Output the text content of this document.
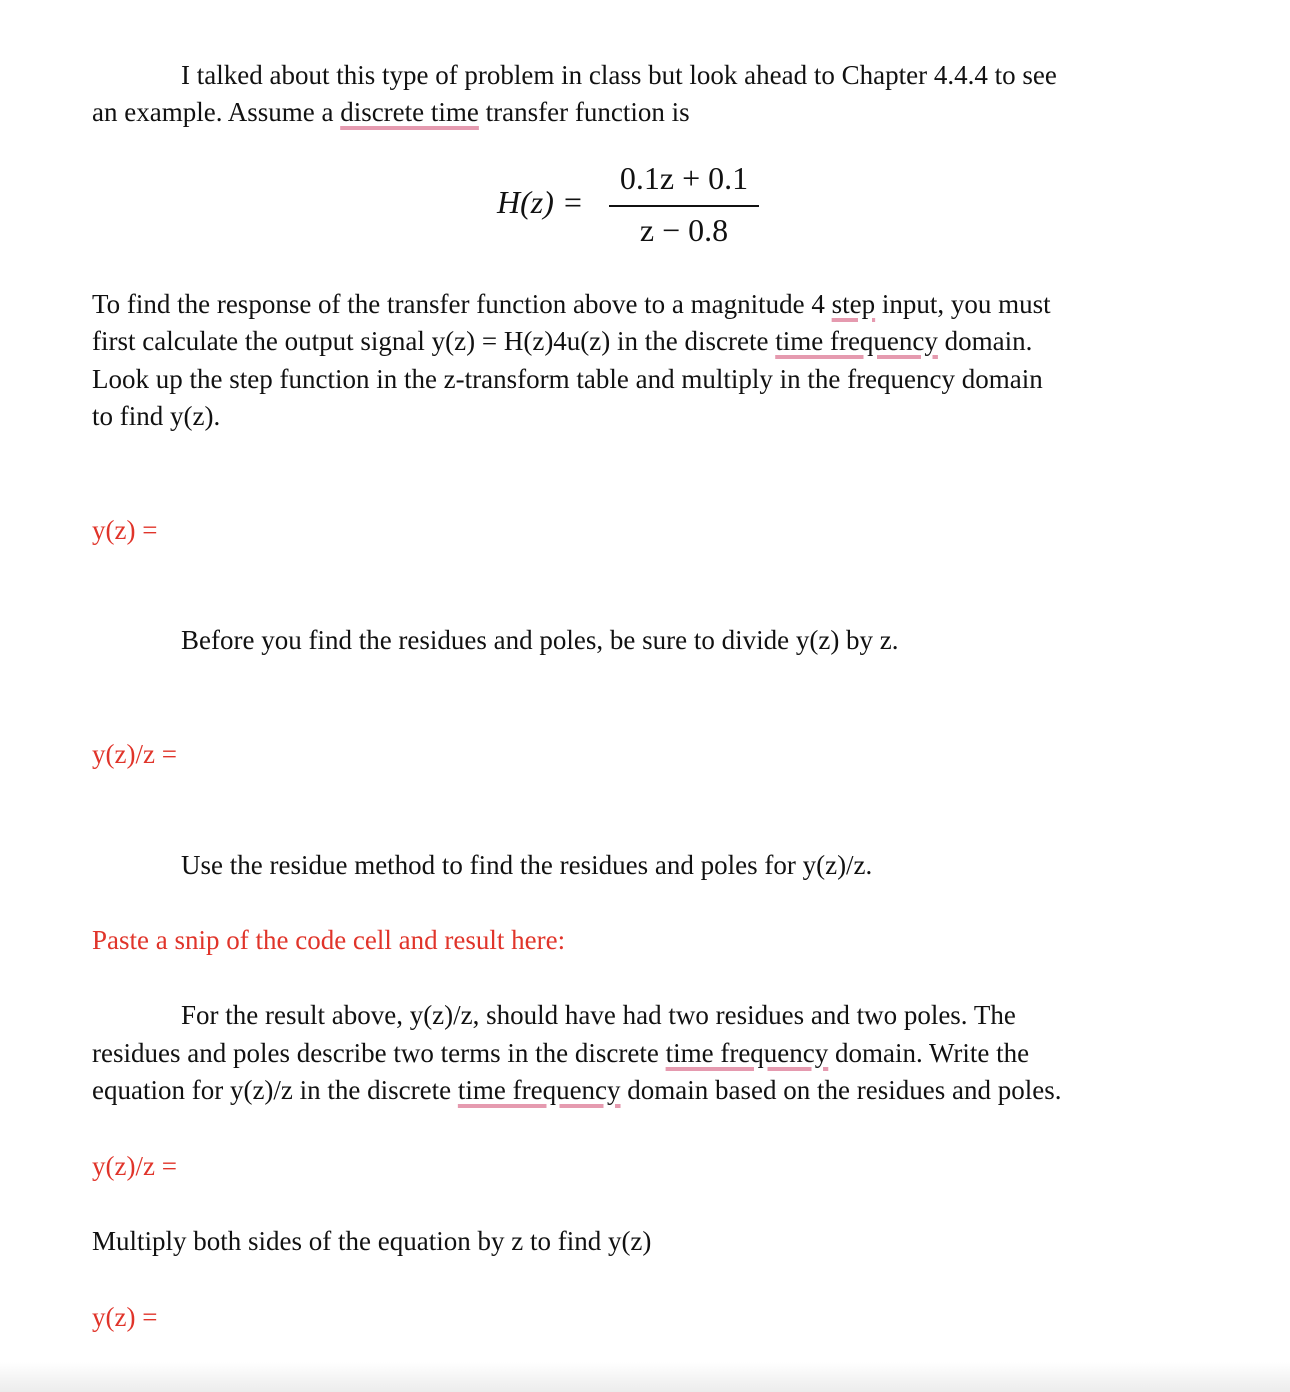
I talked about this type of problem in class but look ahead to Chapter 4.4.4 to see
an example. Assume a discrete time transfer function is
H(z) =
0.1z + 0.1
z − 0.8
To find the response of the transfer function above to a magnitude 4 step input, you must
first calculate the output signal y(z) = H(z)4u(z) in the discrete time frequency domain.
Look up the step function in the z-transform table and multiply in the frequency domain
to find y(z).
y(z) =
Before you find the residues and poles, be sure to divide y(z) by z.
y(z)/z =
Use the residue method to find the residues and poles for y(z)/z.
Paste a snip of the code cell and result here:
For the result above, y(z)/z, should have had two residues and two poles. The
residues and poles describe two terms in the discrete time frequency domain. Write the
equation for y(z)/z in the discrete time frequency domain based on the residues and poles.
y(z)/z =
Multiply both sides of the equation by z to find y(z)
y(z) =
